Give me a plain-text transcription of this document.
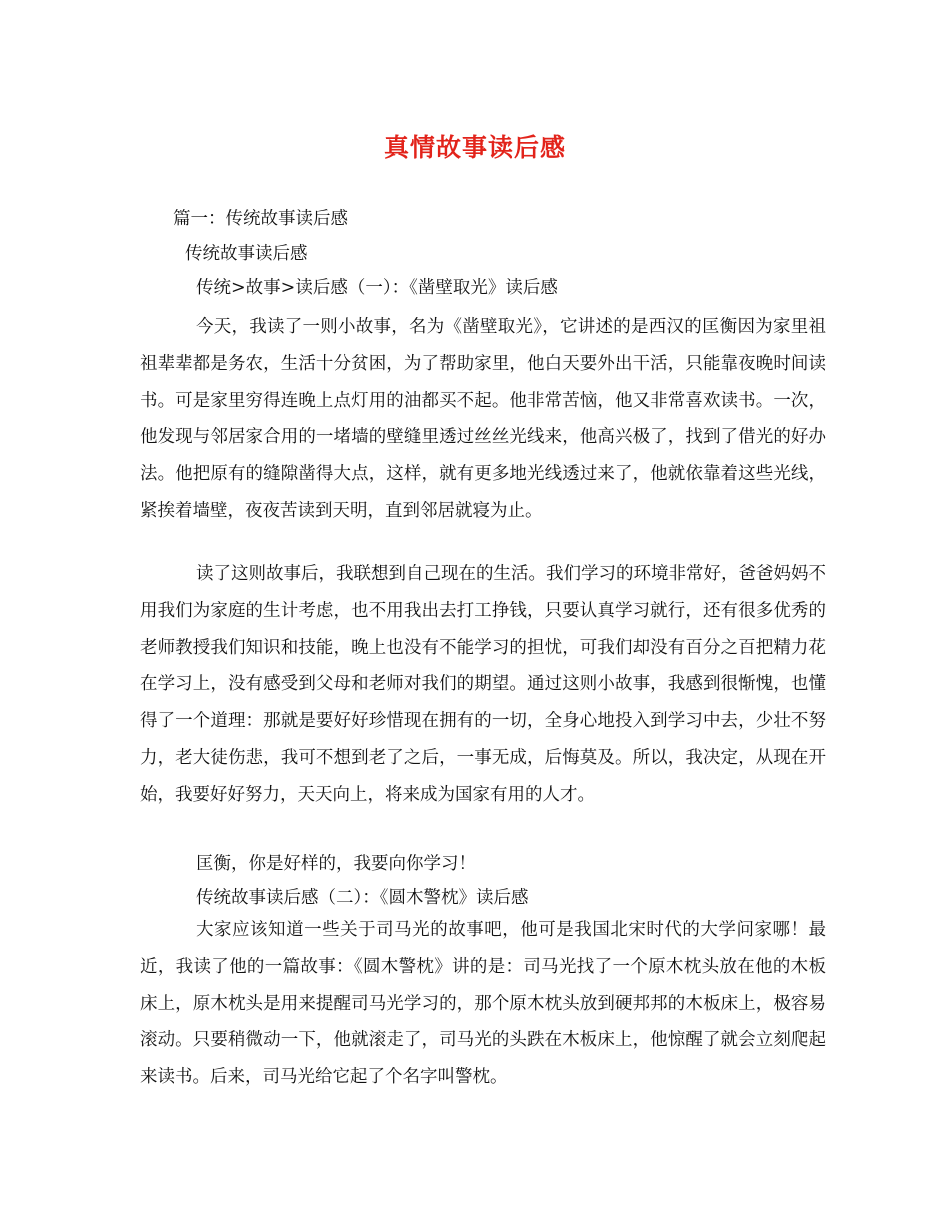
真情故事读后感
篇一：传统故事读后感
传统故事读后感
传统>故事>读后感（一）：《凿壁取光》读后感

今天，我读了一则小故事，名为《凿壁取光》，它讲述的是西汉的匡衡因为家里祖祖辈辈都是务农，生活十分贫困，为了帮助家里，他白天要外出干活，只能靠夜晚时间读书。可是家里穷得连晚上点灯用的油都买不起。他非常苦恼，他又非常喜欢读书。一次，他发现与邻居家合用的一堵墙的壁缝里透过丝丝光线来，他高兴极了，找到了借光的好办法。他把原有的缝隙凿得大点，这样，就有更多地光线透过来了，他就依靠着这些光线，紧挨着墙壁，夜夜苦读到天明，直到邻居就寝为止。

读了这则故事后，我联想到自己现在的生活。我们学习的环境非常好，爸爸妈妈不用我们为家庭的生计考虑，也不用我出去打工挣钱，只要认真学习就行，还有很多优秀的老师教授我们知识和技能，晚上也没有不能学习的担忧，可我们却没有百分之百把精力花在学习上，没有感受到父母和老师对我们的期望。通过这则小故事，我感到很惭愧，也懂得了一个道理：那就是要好好珍惜现在拥有的一切，全身心地投入到学习中去，少壮不努力，老大徒伤悲，我可不想到老了之后，一事无成，后悔莫及。所以，我决定，从现在开始，我要好好努力，天天向上，将来成为国家有用的人才。

匡衡，你是好样的，我要向你学习！

传统故事读后感（二）：《圆木警枕》读后感

大家应该知道一些关于司马光的故事吧，他可是我国北宋时代的大学问家哪！最近，我读了他的一篇故事：《圆木警枕》讲的是：司马光找了一个原木枕头放在他的木板床上，原木枕头是用来提醒司马光学习的，那个原木枕头放到硬邦邦的木板床上，极容易滚动。只要稍微动一下，他就滚走了，司马光的头跌在木板床上，他惊醒了就会立刻爬起来读书。后来，司马光给它起了个名字叫警枕。
